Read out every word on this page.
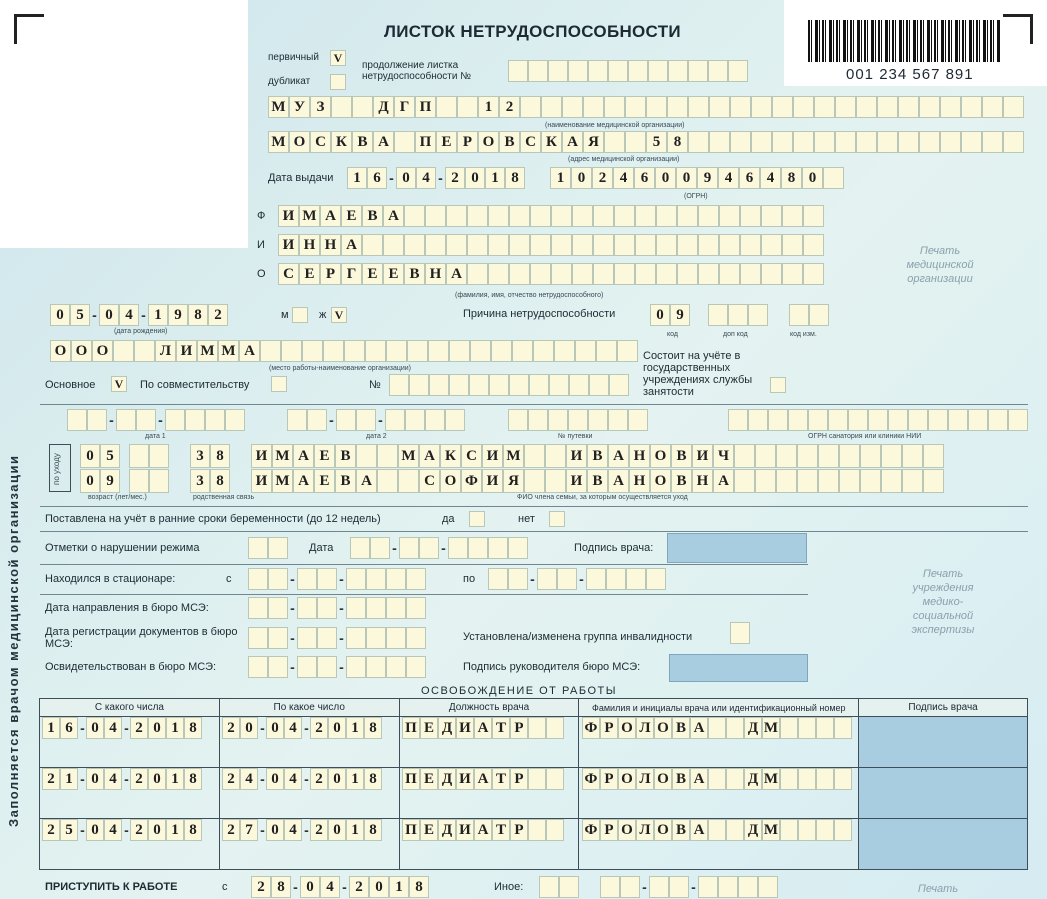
ЛИСТОК НЕТРУДОСПОСОБНОСТИ
001 234 567 891
первичный	V
дубликат
продолжение листка нетрудоспособности №
М У З	Д Г П	1 2
(наименование медицинской организации)
М О С К В А	П Е Р О В С К А Я	5 8
(адрес медицинской организации)
Дата выдачи	1 6 - 0 4 - 2 0 1 8	1 0 2 4 6 0 0 9 4 6 4 8 0
(ОГРН)
Ф	И М А Е В А
И	И Н Н А
О	С Е Р Г Е Е В Н А
(фамилия, имя, отчество нетрудоспособного)
Печать медицинской организации
Заполняется врачом медицинской организации
0 5 - 0 4 - 1 9 8 2
(дата рождения)
м	ж V	Причина нетрудоспособности	0 9
код	доп код	код изм.
О О О	Л И М М А
(место работы-наименование организации)
Состоит на учёте в государственных учреждениях службы занятости
Основное	V	По совместительству	№
-	-
дата 1
-	-
дата 2	№ путевки	ОГРН санатория или клиники НИИ
по уходу	0 5	3 8	И М А Е В	М А К С И М	И В А Н О В И Ч
0 9	3 8	И М А Е В А	С О Ф И Я	И В А Н О В Н А
возраст (лет/мес.)	родственная связь	ФИО члена семьи, за которым осуществляется уход
Поставлена на учёт в ранние сроки беременности (до 12 недель)	да	нет
Отметки о нарушении режима	Дата	-	-	Подпись врача:
Находился в стационаре:	с	-	-	по	-	-
Дата направления в бюро МСЭ:	-	-
Дата регистрации документов в бюро МСЭ:	-	-	Установлена/изменена группа инвалидности
Освидетельствован в бюро МСЭ:	-	-	Подпись руководителя бюро МСЭ:
Печать учреждения медико-социальной экспертизы
ОСВОБОЖДЕНИЕ ОТ РАБОТЫ
С какого числа	По какое число	Должность врача	Фамилия и инициалы врача или идентификационный номер	Подпись врача

1 6 - 0 4 - 2 0 1 8	2 0 - 0 4 - 2 0 1 8	П Е Д И А Т Р	Ф Р О Л О В А	Д М
2 1 - 0 4 - 2 0 1 8	2 4 - 0 4 - 2 0 1 8	П Е Д И А Т Р	Ф Р О Л О В А	Д М
2 5 - 0 4 - 2 0 1 8	2 7 - 0 4 - 2 0 1 8	П Е Д И А Т Р	Ф Р О Л О В А	Д М
ПРИСТУПИТЬ К РАБОТЕ	с	2 8 - 0 4 - 2 0 1 8	Иное:	-	-	Печать
